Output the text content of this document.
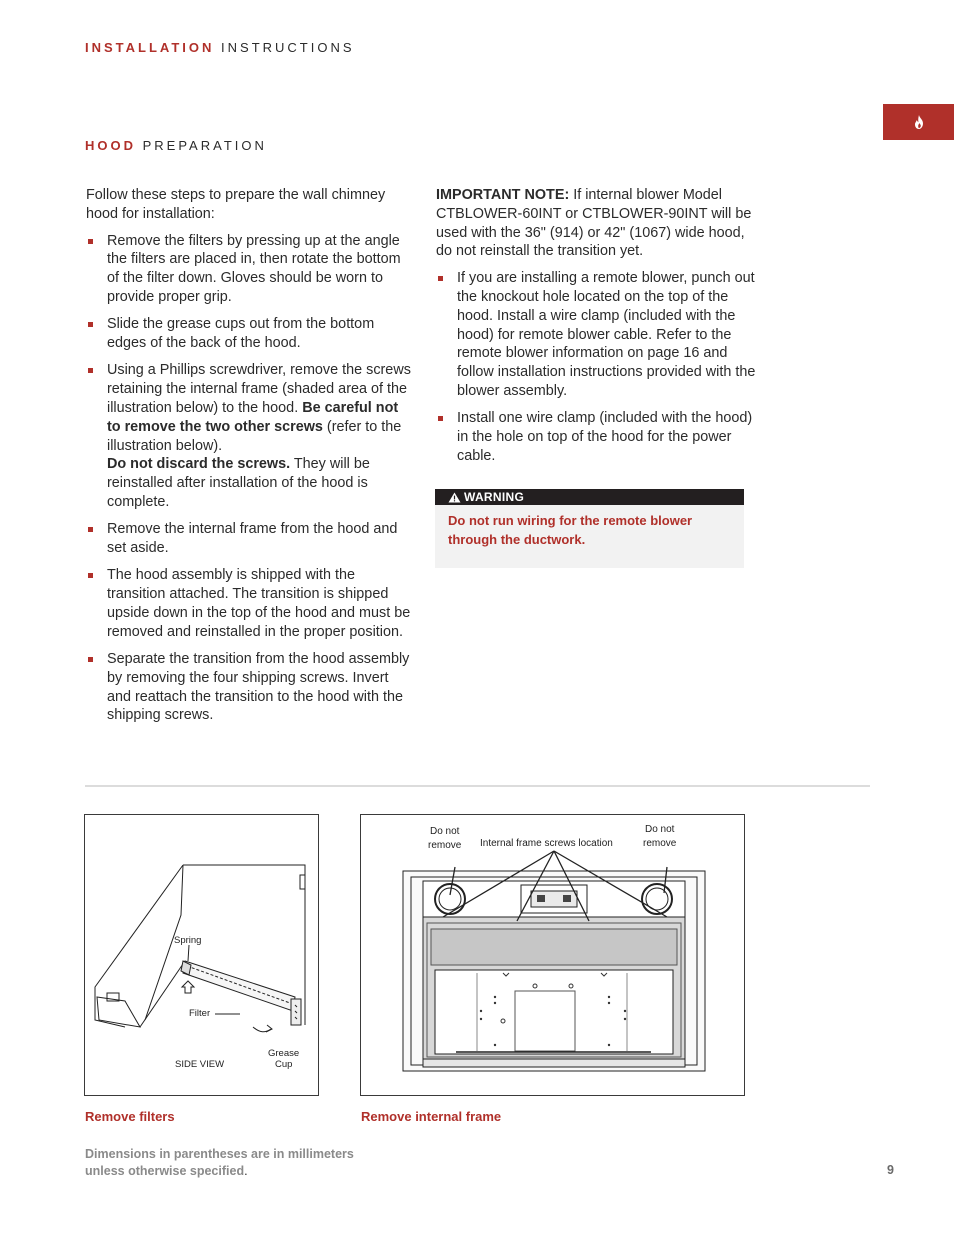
INSTALLATION INSTRUCTIONS
HOOD PREPARATION

Follow these steps to prepare the wall chimney hood for installation:

Remove the filters by pressing up at the angle the filters are placed in, then rotate the bottom of the filter down. Gloves should be worn to provide proper grip.
Slide the grease cups out from the bottom edges of the back of the hood.
Using a Phillips screwdriver, remove the screws retaining the internal frame (shaded area of the illustration below) to the hood. Be careful not to remove the two other screws (refer to the illustration below).
Do not discard the screws. They will be reinstalled after installation of the hood is complete.
Remove the internal frame from the hood and set aside.
The hood assembly is shipped with the transition attached. The transition is shipped upside down in the top of the hood and must be removed and reinstalled in the proper position.
Separate the transition from the hood assembly by removing the four shipping screws. Invert and reattach the transition to the hood with the shipping screws.

IMPORTANT NOTE: If internal blower Model CTBLOWER-60INT or CTBLOWER-90INT will be used with the 36" (914) or 42" (1067) wide hood, do not reinstall the transition yet.

If you are installing a remote blower, punch out the knockout hole located on the top of the hood. Install a wire clamp (included with the hood) for remote blower cable. Refer to the remote blower information on page 16 and follow installation instructions provided with the blower assembly.
Install one wire clamp (included with the hood) in the hole on top of the hood for the power cable.
WARNING
Do not run wiring for the remote blower through the ductwork.
Spring
Filter
Grease
Cup
SIDE VIEW
Do not
remove
Do not
remove
Internal frame screws location
Remove filters	Remove internal frame
Dimensions in parentheses are in millimeters unless otherwise specified.	9
